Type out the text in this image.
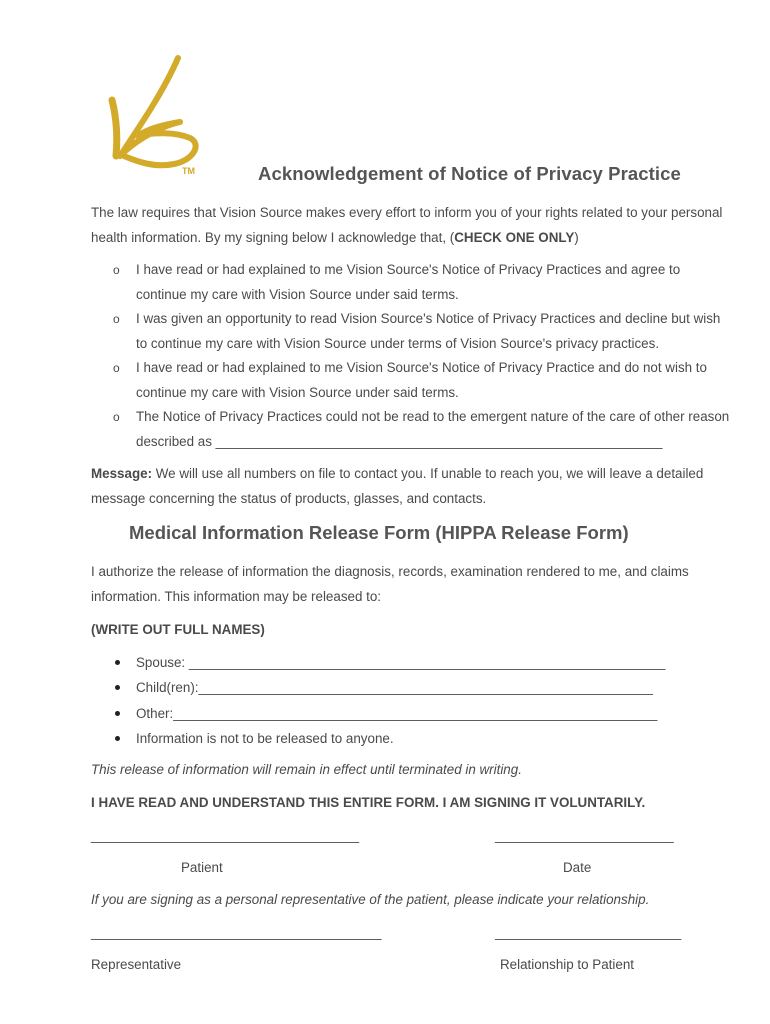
TM	Acknowledgement of Notice of Privacy Practice

The law requires that Vision Source makes every effort to inform you of your rights related to your personal health information. By my signing below I acknowledge that, (CHECK ONE ONLY)

o I have read or had explained to me Vision Source's Notice of Privacy Practices and agree to continue my care with Vision Source under said terms.
o I was given an opportunity to read Vision Source's Notice of Privacy Practices and decline but wish to continue my care with Vision Source under terms of Vision Source's privacy practices.
o I have read or had explained to me Vision Source's Notice of Privacy Practice and do not wish to continue my care with Vision Source under said terms.
o The Notice of Privacy Practices could not be read to the emergent nature of the care of other reason described as ____________________________________________________________

Message: We will use all numbers on file to contact you. If unable to reach you, we will leave a detailed message concerning the status of products, glasses, and contacts.

Medical Information Release Form (HIPPA Release Form)

I authorize the release of information the diagnosis, records, examination rendered to me, and claims information. This information may be released to:

(WRITE OUT FULL NAMES)

Spouse: ________________________________________________________________
Child(ren):_____________________________________________________________
Other:_________________________________________________________________
Information is not to be released to anyone.

This release of information will remain in effect until terminated in writing.

I HAVE READ AND UNDERSTAND THIS ENTIRE FORM. I AM SIGNING IT VOLUNTARILY.

____________________________________	________________________
Patient	Date

If you are signing as a personal representative of the patient, please indicate your relationship.

_______________________________________	_________________________
Representative	Relationship to Patient
